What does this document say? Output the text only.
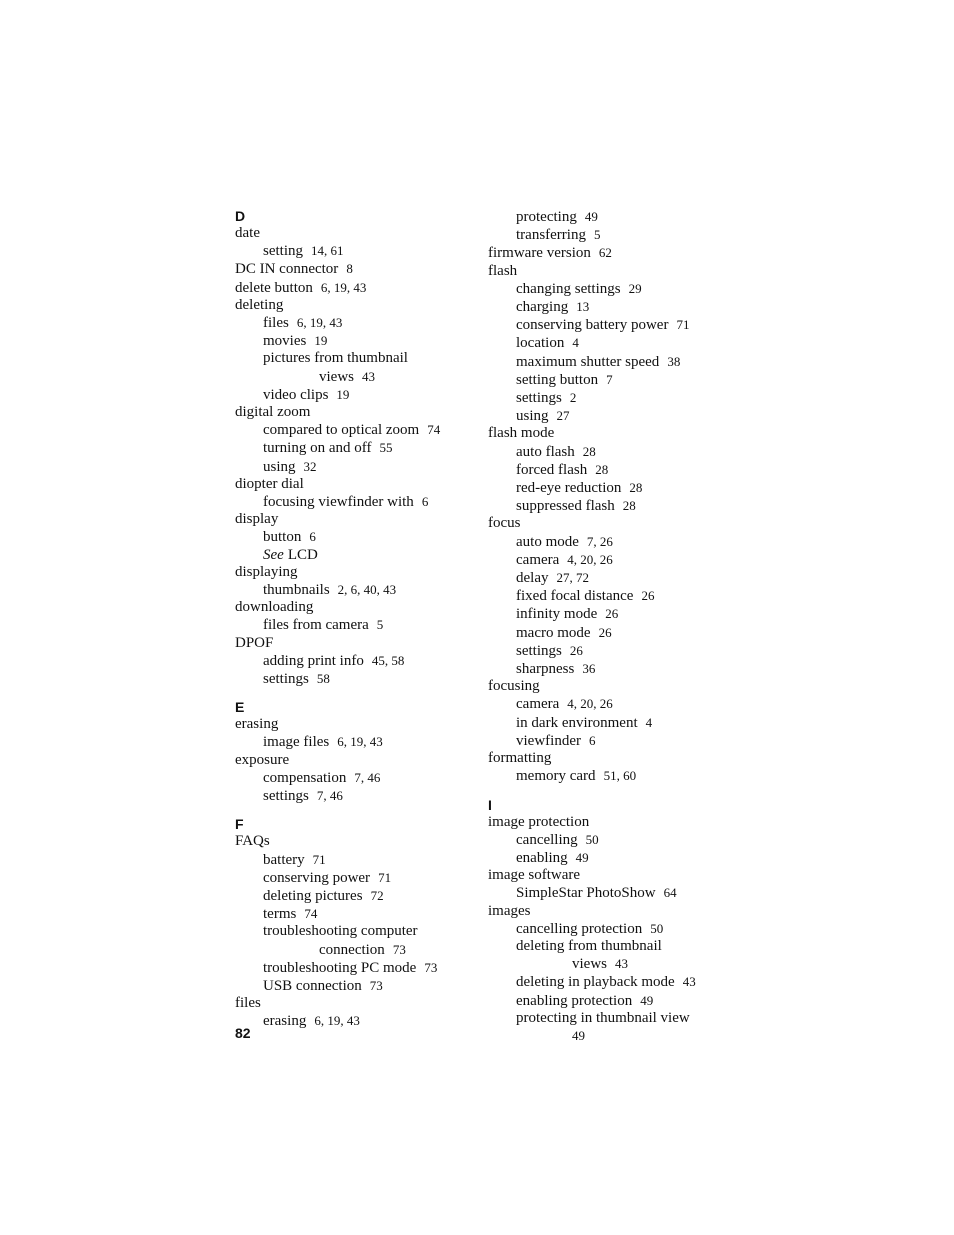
D
date
setting 14, 61
DC IN connector 8
delete button 6, 19, 43
deleting
files 6, 19, 43
movies 19
pictures from thumbnail
views 43
video clips 19
digital zoom
compared to optical zoom 74
turning on and off 55
using 32
diopter dial
focusing viewfinder with 6
display
button 6
See LCD
displaying
thumbnails 2, 6, 40, 43
downloading
files from camera 5
DPOF
adding print info 45, 58
settings 58
E
erasing
image files 6, 19, 43
exposure
compensation 7, 46
settings 7, 46
F
FAQs
battery 71
conserving power 71
deleting pictures 72
terms 74
troubleshooting computer
connection 73
troubleshooting PC mode 73
USB connection 73
files
erasing 6, 19, 43
protecting 49
transferring 5
firmware version 62
flash
changing settings 29
charging 13
conserving battery power 71
location 4
maximum shutter speed 38
setting button 7
settings 2
using 27
flash mode
auto flash 28
forced flash 28
red-eye reduction 28
suppressed flash 28
focus
auto mode 7, 26
camera 4, 20, 26
delay 27, 72
fixed focal distance 26
infinity mode 26
macro mode 26
settings 26
sharpness 36
focusing
camera 4, 20, 26
in dark environment 4
viewfinder 6
formatting
memory card 51, 60
I
image protection
cancelling 50
enabling 49
image software
SimpleStar PhotoShow 64
images
cancelling protection 50
deleting from thumbnail
views 43
deleting in playback mode 43
enabling protection 49
protecting in thumbnail view
49
82
